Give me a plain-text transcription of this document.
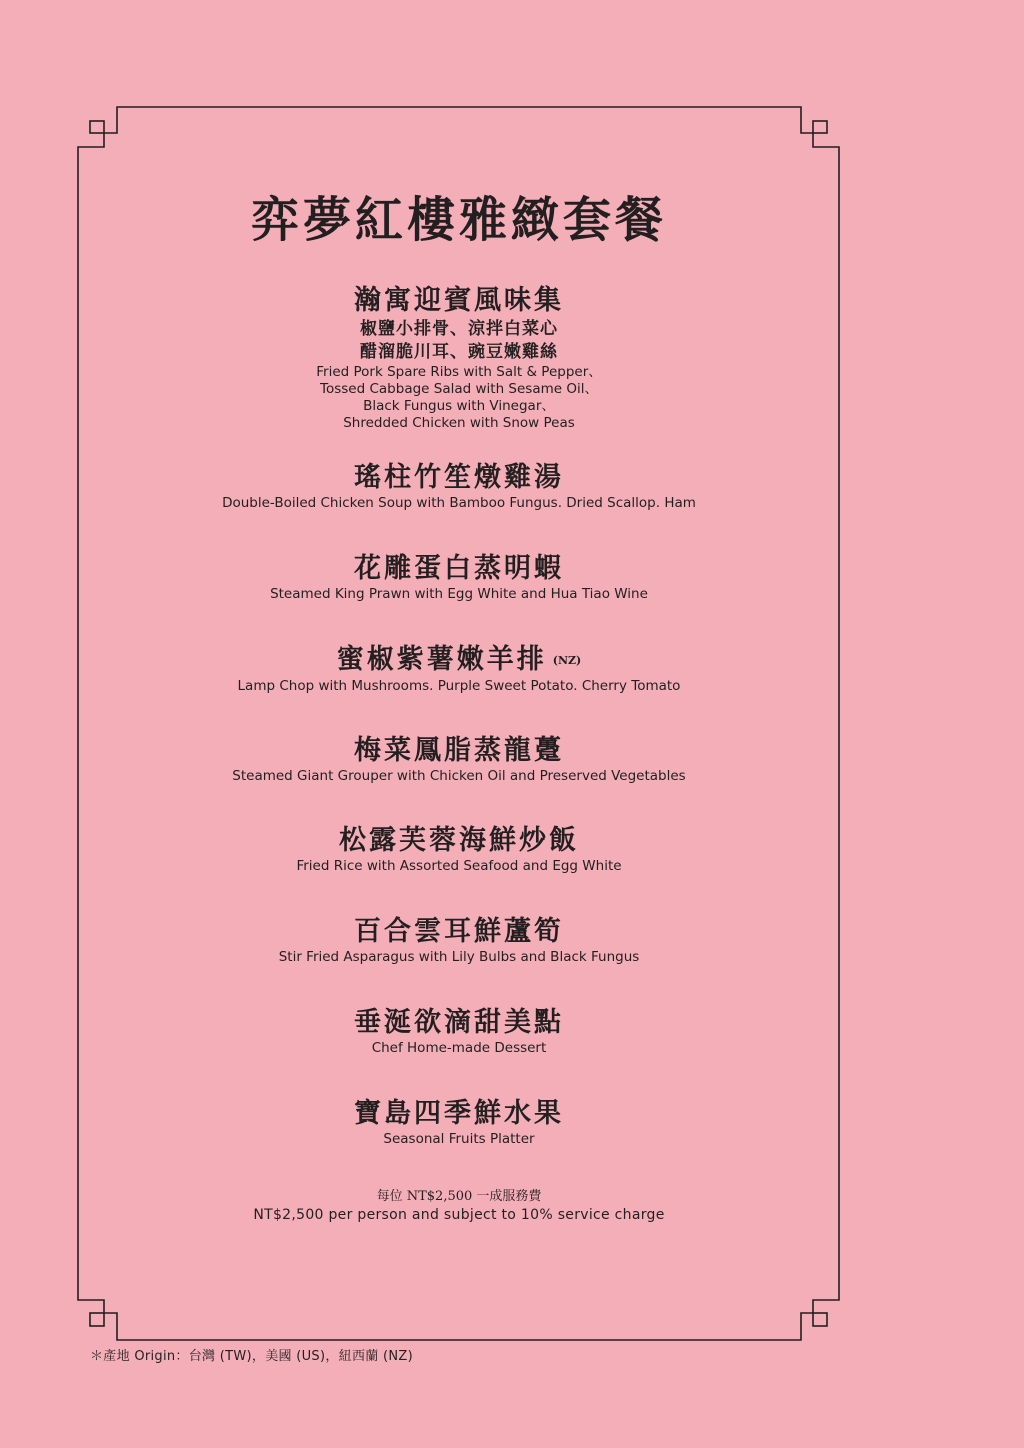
弈夢紅樓雅緻套餐
瀚寓迎賓風味集
椒鹽小排骨、涼拌白菜心
醋溜脆川耳、豌豆嫩雞絲
Fried Pork Spare Ribs with Salt & Pepper、
Tossed Cabbage Salad with Sesame Oil、
Black Fungus with Vinegar、
Shredded Chicken with Snow Peas
瑤柱竹笙燉雞湯
Double-Boiled Chicken Soup with Bamboo Fungus. Dried Scallop. Ham
花雕蛋白蒸明蝦
Steamed King Prawn with Egg White and Hua Tiao Wine
蜜椒紫薯嫩羊排 (NZ)
Lamp Chop with Mushrooms. Purple Sweet Potato. Cherry Tomato
梅菜鳳脂蒸龍躉
Steamed Giant Grouper with Chicken Oil and Preserved Vegetables
松露芙蓉海鮮炒飯
Fried Rice with Assorted Seafood and Egg White
百合雲耳鮮蘆筍
Stir Fried Asparagus with Lily Bulbs and Black Fungus
垂涎欲滴甜美點
Chef Home-made Dessert
寶島四季鮮水果
Seasonal Fruits Platter
每位 NT$2,500 一成服務費
NT$2,500 per person and subject to 10% service charge
＊產地 Origin：台灣 (TW)，美國 (US)，紐西蘭 (NZ)
